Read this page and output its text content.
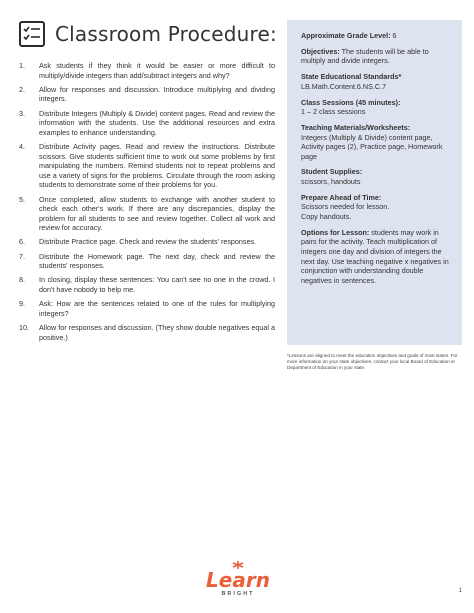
Classroom Procedure:
1.	Ask students if they think it would be easier or more difficult to multiply/divide integers than add/subtract integers and why?
2.	Allow for responses and discussion. Introduce multiplying and dividing integers.
3.	Distribute Integers (Multiply & Divide) content pages. Read and review the information with the students. Use the additional resources and extra examples to enhance understanding.
4.	Distribute Activity pages. Read and review the instructions. Distribute scissors. Give students sufficient time to work out some problems by first manipulating the numbers. Remind students not to repeat problems and use a variety of signs for the problems. Circulate through the room asking students to demonstrate some of their problems for you.
5.	Once completed, allow students to exchange with another student to check each other's work. If there are any discrepancies, display the problem for all students to see and review together. Collect all work and review for accuracy.
6.	Distribute Practice page. Check and review the students' responses.
7.	Distribute the Homework page. The next day, check and review the students' responses.
8.	In closing, display these sentences: You can't see no one in the crowd. I don't have nobody to help me.
9.	Ask: How are the sentences related to one of the rules for multiplying integers?
10.	Allow for responses and discussion. (They show double negatives equal a positive.)
Approximate Grade Level: 6
Objectives: The students will be able to multiply and divide integers.
State Educational Standards*
LB.Math.Content.6.NS.C.7
Class Sessions (45 minutes):
1 – 2 class sessions
Teaching Materials/Worksheets:
Integers (Multiply & Divide) content page, Activity pages (2), Practice page, Homework page
Student Supplies:
scissors, handouts
Prepare Ahead of Time:
Scissors needed for lesson.
Copy handouts.
Options for Lesson: students may work in pairs for the activity. Teach multiplication of integers one day and division of integers the next day. Use teaching negative x negatives in conjunction with understanding double negatives in sentences.
*Lessons are aligned to meet the education objectives and goals of most states. For more information on your state objectives, contact your local Board of Education or Department of Education in your state.
Learn
BRIGHT	1
